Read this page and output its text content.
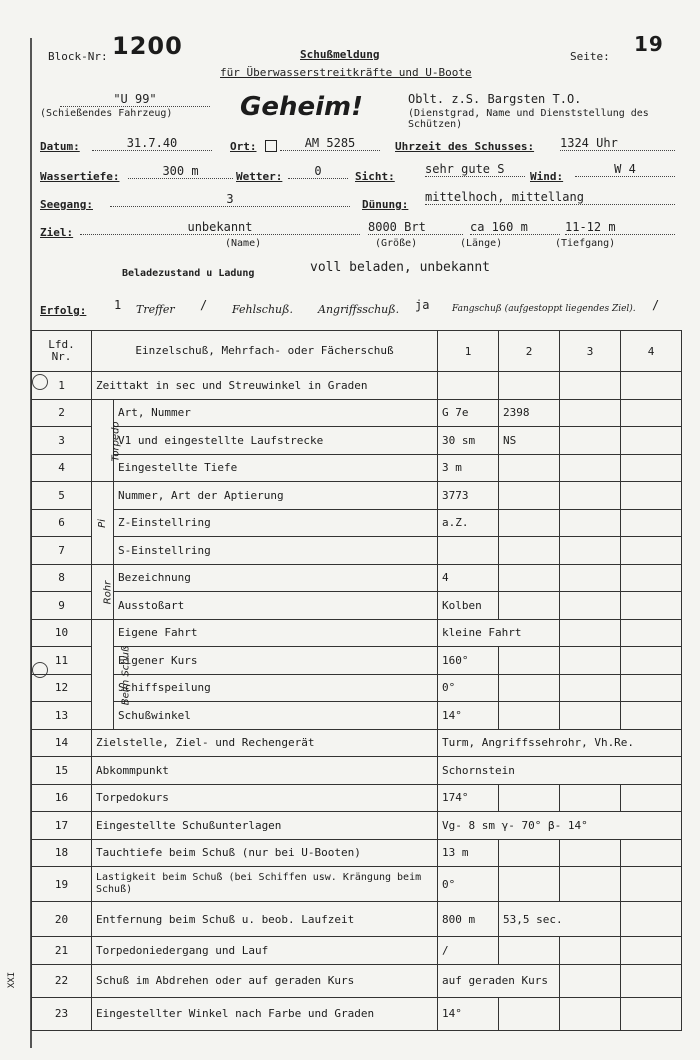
Block-Nr: 1200	Schußmeldung
für Überwasserstreitkräfte und U-Boote
Seite:
19
"U 99"
(Schießendes Fahrzeug)	Geheim!	Oblt. z.S. Bargsten T.O.
(Dienstgrad, Name und Dienststellung des Schützen)
Datum:	31.7.40	Ort:	AM 5285	Uhrzeit des Schusses: 1324 Uhr
Wassertiefe:	300 m	Wetter:	0	Sicht:
sehr gute S
Wind:
W 4
Seegang:	3	Dünung:
mittelhoch, mittellang
Ziel:	unbekannt	8000 Brt	ca 160 m	11-12 m
(Name)	(Größe)	(Länge)	(Tiefgang)
Beladezustand u Ladung	voll beladen, unbekannt
Erfolg: 1 Treffer / Fehlschuß. Angriffsschuß. ja	Fangschuß (aufgestoppt liegendes Ziel). /
XXI
Lfd. Nr.	Einzelschuß, Mehrfach- oder Fächerschuß		1	2	3	4
1	Zeittakt in sec und Streuwinkel in Graden					
2	Torpedo	Art, Nummer	G 7e	2398		
3		V1 und eingestellte Laufstrecke	30 sm	NS		
4		Eingestellte Tiefe	3 m			
5	Pi	Nummer, Art der Aptierung	3773			
6		Z-Einstellring	a.Z.			
7		S-Einstellring				
8	Rohr	Bezeichnung	4			
9		Ausstoßart	Kolben			
10	Beim Schuß	Eigene Fahrt	kleine Fahrt			
11		Eigener Kurs	160°			
12		Schiffspeilung	0°			
13		Schußwinkel	14°			
14	Zielstelle, Ziel- und Rechengerät		Turm, Angriffssehrohr, Vh.Re.			
15	Abkommpunkt		Schornstein			
16	Torpedokurs		174°			
17	Eingestellte Schußunterlagen		Vg- 8 sm γ- 70° β- 14°			
18	Tauchtiefe beim Schuß (nur bei U-Booten)		13 m			
19	Lastigkeit beim Schuß (bei Schiffen usw. Krängung beim Schuß)		0°			
20	Entfernung beim Schuß u. beob. Laufzeit		800 m	53,5 sec.		
21	Torpedoniedergang und Lauf		/			
22	Schuß im Abdrehen oder auf geraden Kurs		auf geraden Kurs			
23	Eingestellter Winkel nach Farbe und Graden		14°			
